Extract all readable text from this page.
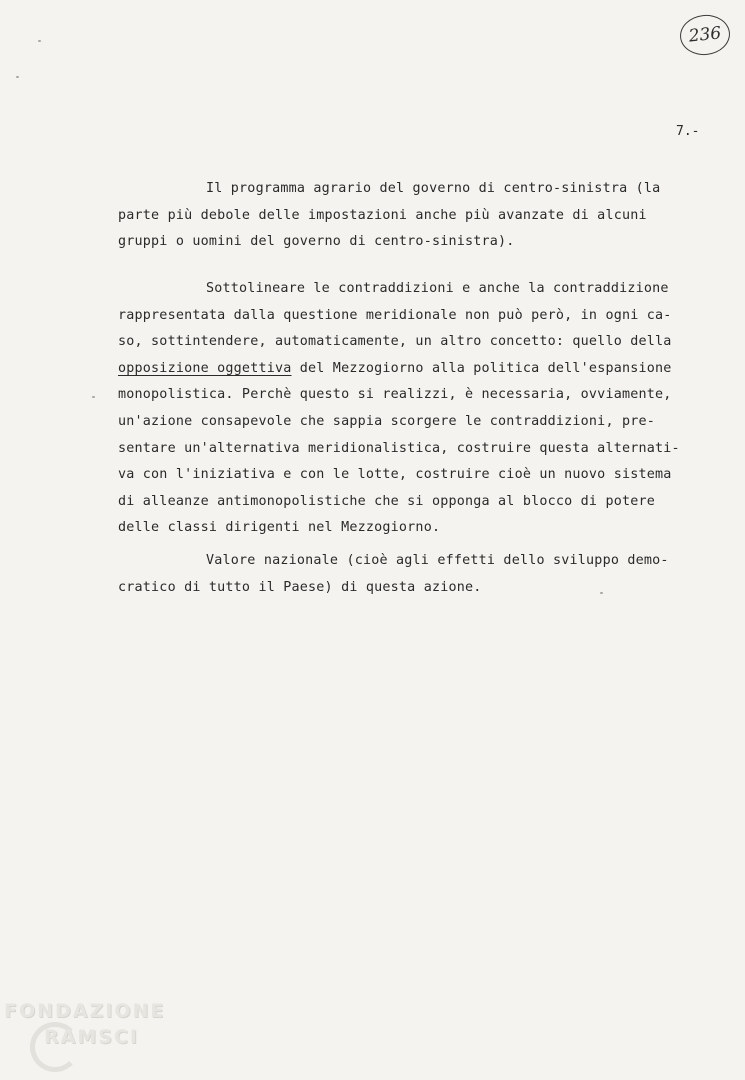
236
7.-
Il programma agrario del governo di centro-sinistra (la
parte più debole delle impostazioni anche più avanzate di alcuni
gruppi o uomini del governo di centro-sinistra).
Sottolineare le contraddizioni e anche la contraddizione
rappresentata dalla questione meridionale non può però, in ogni ca-
so, sottintendere, automaticamente, un altro concetto: quello della
opposizione oggettiva del Mezzogiorno alla politica dell'espansione
monopolistica. Perchè questo si realizzi, è necessaria, ovviamente,
un'azione consapevole che sappia scorgere le contraddizioni, pre-
sentare un'alternativa meridionalistica, costruire questa alternati-
va con l'iniziativa e con le lotte, costruire cioè un nuovo sistema
di alleanze antimonopolistiche che si opponga al blocco di potere
delle classi dirigenti nel Mezzogiorno.
Valore nazionale (cioè agli effetti dello sviluppo demo-
cratico di tutto il Paese) di questa azione.
FONDAZIONE
RAMSCI
